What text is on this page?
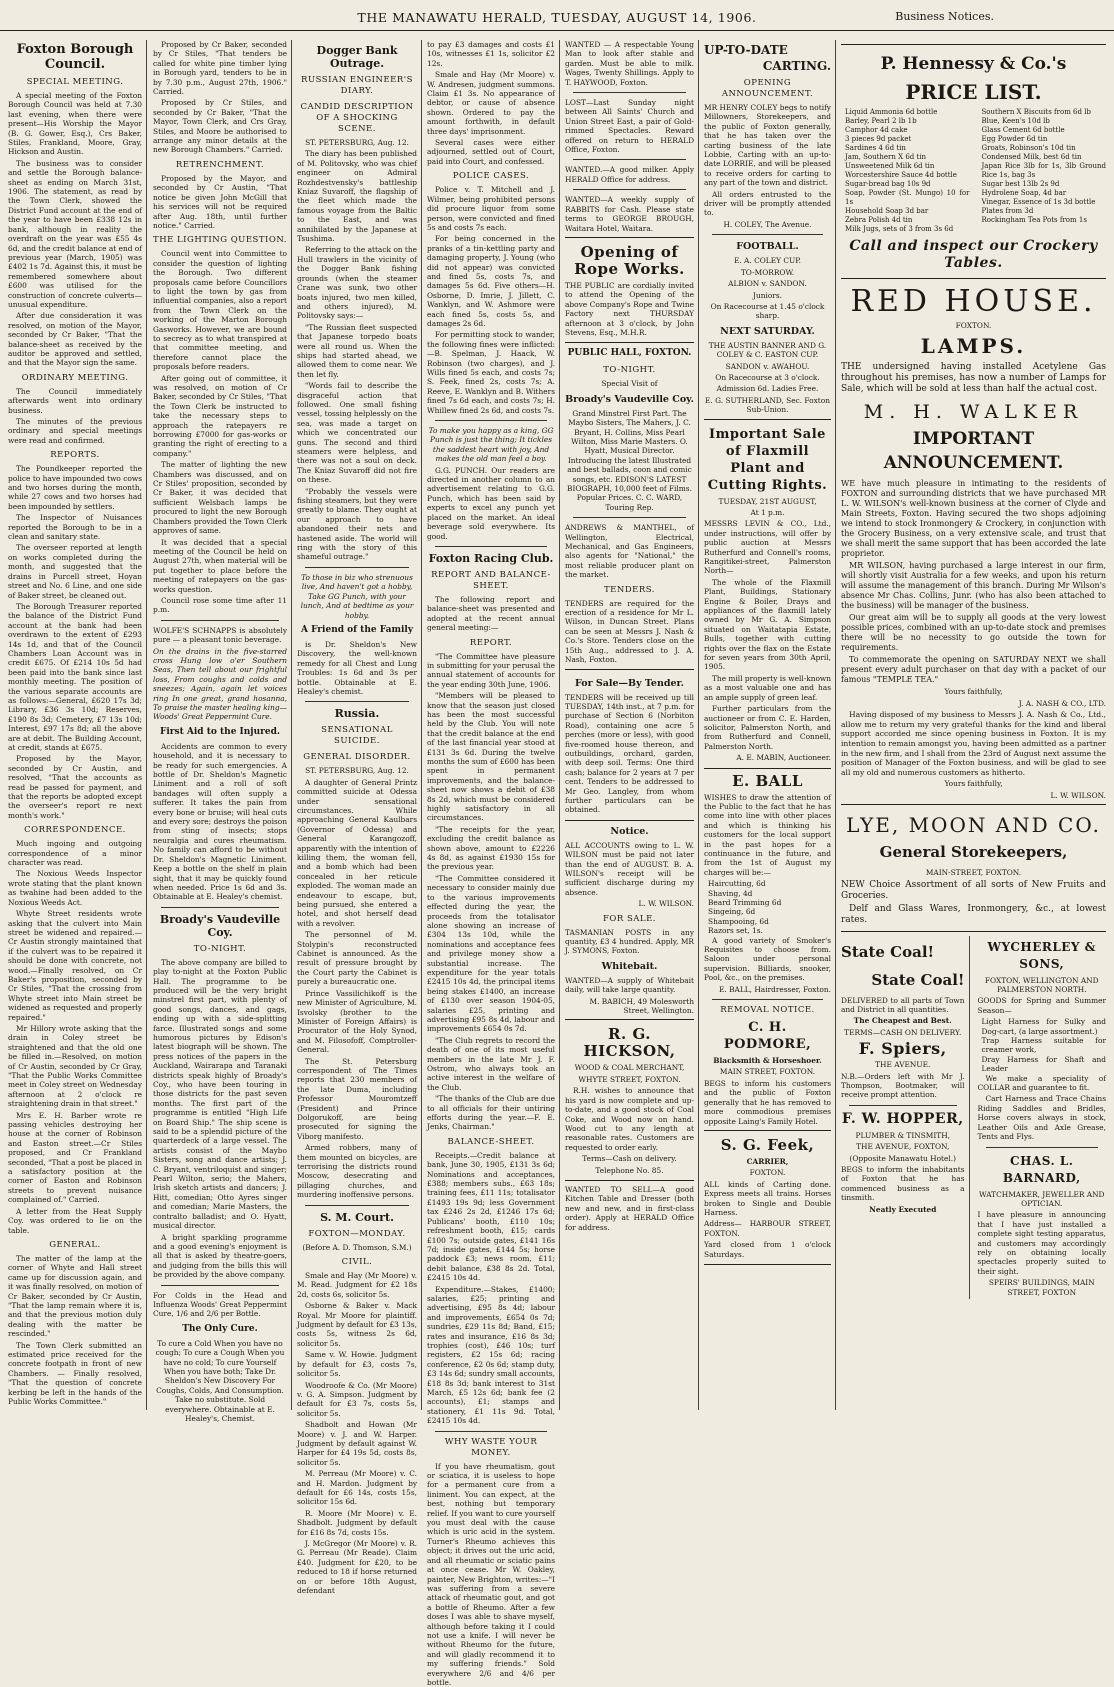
THE MANAWATU HERALD, TUESDAY, AUGUST 14, 1906.	Business Notices.
Foxton Borough Council.
SPECIAL MEETING.

A special meeting of the Foxton Borough Council was held at 7.30 last evening, when there were present—His Worship the Mayor (B. G. Gower, Esq.), Crs Baker, Stiles, Frankland, Moore, Gray, Hickson and Austin.

The business was to consider and settle the Borough balance-sheet as ending on March 31st, 1906. The statement, as read by the Town Clerk, showed the District Fund account at the end of the year to have been £338 12s in bank, although in reality the overdraft on the year was £55 4s 6d, and the credit balance at end of previous year (March, 1905) was £402 1s 7d. Against this, it must be remembered somewhere about £600 was utilised for the construction of concrete culverts—unusual expenditure.

After due consideration it was resolved, on motion of the Mayor, seconded by Cr Baker, "That the balance-sheet as received by the auditor be approved and settled, and that the Mayor sign the same.

ORDINARY MEETING.

The Council immediately afterwards went into ordinary business.

The minutes of the previous ordinary and special meetings were read and confirmed.

REPORTS.

The Poundkeeper reported the police to have impounded two cows and two horses during the month, while 27 cows and two horses had been impounded by settlers.

The Inspector of Nuisances reported the Borough to be in a clean and sanitary state.

The overseer reported at length on works completed during the month, and suggested that the drains in Purcell street, Hoyan street and No. 6 Line, and one side of Baker street, be cleaned out.

The Borough Treasurer reported the balance of the District Fund account at the bank had been overdrawn to the extent of £293 14s 1d, and that of the Council Chambers Loan Account was in credit £675. Of £214 10s 5d had been paid into the bank since last monthly meeting. The position of the various separate accounts are as follows:—General, £620 17s 3d; Library, £36 3s 10d; Reserves, £190 8s 3d; Cemetery, £7 13s 10d; Interest, £97 17s 8d; all the above are at debit. The Building Account, at credit, stands at £675.

Proposed by the Mayor, seconded by Cr Austin, and resolved, "That the accounts as read be passed for payment, and that the reports be adopted except the overseer's report re next month's work."

CORRESPONDENCE.

Much ingoing and outgoing correspondence of a minor character was read.

The Noxious Weeds Inspector wrote stating that the plant known as twahine had been added to the Noxious Weeds Act.

Whyte Street residents wrote asking that the culvert into Main street be widened and repaired.—Cr Austin strongly maintained that if the culvert was to be repaired it should be done with concrete, not wood.—Finally resolved, on Cr Baker's proposition, seconded by Cr Stiles, "That the crossing from Whyte street into Main street be widened as requested and properly repaired."

Mr Hillory wrote asking that the drain in Coley street be straightened and that the old one be filled in.—Resolved, on motion of Cr Austin, seconded by Cr Gray, "That the Public Works Committee meet in Coley street on Wednesday afternoon at 2 o'clock re straightening drain in that street."

Mrs E. H. Barber wrote re passing vehicles destroying her house at the corner of Robinson and Easton street.—Cr Stiles proposed, and Cr Frankland seconded, "That a post be placed in a satisfactory position at the corner of Easton and Robinson streets to prevent nuisance complained of." Carried.

A letter from the Heat Supply Coy. was ordered to lie on the table.

GENERAL.

The matter of the lamp at the corner of Whyte and Hall street came up for discussion again, and it was finally resolved, on motion of Cr Baker, seconded by Cr Austin, "That the lamp remain where it is, and that the previous motion duly dealing with the matter be rescinded."

The Town Clerk submitted an estimated price received for the concrete footpath in front of new Chambers. — Finally resolved, "That the question of concrete kerbing be left in the hands of the Public Works Committee."

Proposed by Cr Baker, seconded by Cr Stiles, "That tenders be called for white pine timber lying in Borough yard, tenders to be in by 7.30 p.m., August 27th, 1906." Carried.

Proposed by Cr Stiles, and seconded by Cr Baker, "That the Mayor, Town Clerk, and Crs Gray, Stiles, and Moore be authorised to arrange any minor details at the new Borough Chambers." Carried.

RETRENCHMENT.

Proposed by the Mayor, and seconded by Cr Austin, "That notice be given John McGill that his services will not be required after Aug. 18th, until further notice." Carried.

THE LIGHTING QUESTION.

Council went into Committee to consider the question of lighting the Borough. Two different proposals came before Councillors to light the town by gas from influential companies, also a report from the Town Clerk on the working of the Marton Borough Gasworks. However, we are bound to secrecy as to what transpired at that committee meeting, and therefore cannot place the proposals before readers.

After going out of committee, it was resolved, on motion of Cr Baker, seconded by Cr Stiles, "That the Town Clerk be instructed to take the necessary steps to approach the ratepayers re borrowing £7000 for gas-works or granting the right of erecting to a company."

The matter of lighting the new Chambers was discussed, and on Cr Stiles' proposition, seconded by Cr Baker, it was decided that sufficient Welsbach lamps be procured to light the new Borough Chambers provided the Town Clerk approves of same.

It was decided that a special meeting of the Council be held on August 27th, when material will be put together to place before the meeting of ratepayers on the gas-works question.

Council rose some time after 11 p.m.

WOLFE'S SCHNAPPS is absolutely pure — a pleasant tonic beverage.

On the drains in the five-starred cross Hung low o'er Southern Seas, Then tell about our frightful loss, From coughs and colds and sneezes; Again, again let voices ring In one great, grand hosanna, To praise the master healing king—Woods' Great Peppermint Cure.

First Aid to the Injured.

Accidents are common to every household, and it is necessary to be ready for such emergencies. A bottle of Dr. Sheldon's Magnetic Liniment and a roll of soft bandages will often supply a sufferer. It takes the pain from every bone or bruise; will heal cuts and every sore; destroys the poison from sting of insects; stops neuralgia and cures rheumatism. No family can afford to be without Dr. Sheldon's Magnetic Liniment. Keep a bottle on the shelf in plain sight, that it may be quickly found when needed. Price 1s 6d and 3s. Obtainable at E. Healey's chemist.

Broady's Vaudeville Coy.
TO-NIGHT.

The above company are billed to play to-night at the Foxton Public Hall. The programme to be produced will be the very bright minstrel first part, with plenty of good songs, dances, and gags, ending up with a side-splitting farce. Illustrated songs and some humorous pictures by Edison's latest biograph will be shown. The press notices of the papers in the Auckland, Wairarapa and Taranaki districts speak highly of Broady's Coy., who have been touring in those districts for the past seven months. The first part of the programme is entitled "High Life on Board Ship." The ship scene is said to be a splendid picture of the quarterdeck of a large vessel. The artists consist of the Maybo Sisters, song and dance artists; J. C. Bryant, ventriloquist and singer; Pearl Wilton, serio; the Mahers, Irish sketch artists and dancers; J. Hitt, comedian; Otto Ayres singer and comedian; Marie Masters, the contralto balladist; and O. Hyatt, musical director.

A bright sparkling programme and a good evening's enjoyment is all that is asked by theatre-goers, and judging from the bills this will be provided by the above company.

For Colds in the Head and Influenza Woods' Great Peppermint Cure, 1/6 and 2/6 per Bottle.

The Only Cure.

To cure a Cold When you have no cough; To cure a Cough When you have no cold; To cure Yourself When you have both; Take Dr. Sheldon's New Discovery For Coughs, Colds, And Consumption. Take no substitute. Sold everywhere. Obtainable at E. Healey's, Chemist.

Dogger Bank Outrage.
RUSSIAN ENGINEER'S DIARY.
CANDID DESCRIPTION OF A SHOCKING SCENE.

ST. PETERSBURG, Aug. 12.

The diary has been published of M. Politovsky, who was chief engineer on Admiral Rozhdestvensky's battleship Kniaz Suvaroff, the flagship of the fleet which made the famous voyage from the Baltic to the East, and was annihilated by the Japanese at Tsushima.

Referring to the attack on the Hull trawlers in the vicinity of the Dogger Bank fishing grounds (when the steamer Crane was sunk, two other boats injured, two men killed, and others injured), M. Politovsky says:—

"The Russian fleet suspected that Japanese torpedo boats were all round us. When the ships had started ahead, we allowed them to come near. We then let fly.

"Words fail to describe the disgraceful action that followed. One small fishing vessel, tossing helplessly on the sea, was made a target on which we concentrated our guns. The second and third steamers were helpless, and there was not a soul on deck. The Kniaz Suvaroff did not fire on these.

"Probably the vessels were fishing steamers, but they were greatly to blame. They ought at our approach to have abandoned their nets and hastened aside. The world will ring with the story of this shameful outrage."

To those in biz who strenuous live, And haven't got a hobby, Take GG Punch, with your lunch, And at bedtime as your hobby.

A Friend of the Family

is Dr. Sheldon's New Discovery, the well-known remedy for all Chest and Lung Troubles: 1s 6d and 3s per bottle. Obtainable at E. Healey's chemist.

Russia.
SENSATIONAL SUICIDE.
GENERAL DISORDER.

ST. PETERSBURG, Aug. 12.

A daughter of General Printz committed suicide at Odessa under sensational circumstances. While approaching General Kaulbars (Governor of Odessa) and General Karangozoff, apparently with the intention of killing them, the woman fell, and a bomb which had been concealed in her reticule exploded. The woman made an endeavour to escape, but, being pursued, she entered a hotel, and shot herself dead with a revolver.

The personnel of M. Stolypin's reconstructed Cabinet is announced. As the result of pressure brought by the Court party the Cabinet is purely a bureaucratic one.

Prince Vassilichikoff is the new Minister of Agriculture, M. Isvolsky (brother to the Minister of Foreign Affairs) is Procurator of the Holy Synod, and M. Filosofoff, Comptroller-General.

The St. Petersburg correspondent of The Times reports that 230 members of the late Duma, including Professor Mouromtzeff (President) and Prince Dolgorukoff, are being prosecuted for signing the Viborg manifesto.

Armed robbers, many of them mounted on bicycles, are terrorising the districts round Moscow, desecrating and pillaging churches, and murdering inoffensive persons.

S. M. Court.
FOXTON—MONDAY.

(Before A. D. Thomson, S.M.)

CIVIL.

Smale and Hay (Mr Moore) v. M. Read. Judgment for £2 18s 2d, costs 6s, solicitor 5s.

Osborne & Baker v. Mack Royal. Mr Moore for plaintiff. Judgment by default for £3 13s, costs 5s, witness 2s 6d, solicitor 5s.

Same v. W. Howie. Judgment by default for £3, costs 7s, solicitor 5s.

Woodroofe & Co. (Mr Moore) v. G. A. Simpson. Judgment by default for £3 7s, costs 5s, solicitor 5s.

Shadbolt and Howan (Mr Moore) v. J. and W. Harper. Judgment by default against W. Harper for £4 19s 5d, costs 8s, solicitor 5s.

M. Perreau (Mr Moore) v. C. and H. Mardon. Judgment by default for £6 14s, costs 15s, solicitor 15s 6d.

R. Moore (Mr Moore) v. E. Shadbolt. Judgment by default for £16 8s 7d, costs 15s.

J. McGregor (Mr Moore) v. R. G. Perreau (Mr Reade). Claim £40. Judgment for £20, to be reduced to 18 if horse returned on or before 18th August, defendant

to pay £3 damages and costs £1 10s, witnesses £1 1s, solicitor £2 12s.

Smale and Hay (Mr Moore) v. W. Andresen, judgment summons. Claim £1 3s. No appearance of debtor, or cause of absence shown. Ordered to pay the amount forthwith, in default three days' imprisonment.

Several cases were either adjourned, settled out of Court, paid into Court, and confessed.

POLICE CASES.

Police v. T. Mitchell and J. Wilmer, being prohibited persons did procure liquor from some person, were convicted and fined 5s and costs 7s each.

For being concerned in the pranks of a tin-kettling party and damaging property, J. Young (who did not appear) was convicted and fined 5s, costs 7s, and damages 5s 6d. Five others—H. Osborne, D. Imrie, J. Jillett, C. Wanklyn, and W. Ashmore were each fined 5s, costs 5s, and damages 2s 6d.

For permitting stock to wander, the following fines were inflicted:—B. Spelman, J. Haack, W. Robinson (two charges), and J. Wills fined 5s each, and costs 7s; S. Feek, fined 2s, costs 7s; A. Reeve, E. Wanklyn and B. Withers fined 7s 6d each, and costs 7s; H. Whillew fined 2s 6d, and costs 7s.

To make you happy as a king, GG Punch is just the thing; It tickles the saddest heart with joy, And makes the old man feel a boy.

G.G. PUNCH. Our readers are directed in another column to an advertisement relating to G.G. Punch, which has been said by experts to excel any punch yet placed on the market. An ideal beverage sold everywhere. Its good.

Foxton Racing Club.
REPORT AND BALANCE-SHEET.

The following report and balance-sheet was presented and adopted at the recent annual general meeting:—

REPORT.

"The Committee have pleasure in submitting for your perusal the annual statement of accounts for the year ending 30th June, 1906.

"Members will be pleased to know that the season just closed has been the most successful held by the Club. You will note that the credit balance at the end of the last financial year stood at £131 3s 6d. During the twelve months the sum of £600 has been spent in permanent improvements, and the balance-sheet now shows a debit of £38 8s 2d, which must be considered highly satisfactory in all circumstances.

"The receipts for the year, excluding the credit balance as shown above, amount to £2226 4s 8d, as against £1930 15s for the previous year.

"The Committee considered it necessary to consider mainly due to the various improvements effected during the year, the proceeds from the totalisator alone showing an increase of £304 13s 10d, while the nominations and acceptance fees and privilege money show a substantial increase. The expenditure for the year totals £2415 10s 4d, the principal items being stakes £1400, an increase of £130 over season 1904-05, salaries £25, printing and advertising £95 8s 4d, labour and improvements £654 0s 7d.

"The Club regrets to record the death of one of its most useful members in the late Mr J. F. Ostrom, who always took an active interest in the welfare of the Club.

"The thanks of the Club are due to all officials for their untiring efforts during the year.—F. E. Jenks, Chairman."

BALANCE-SHEET.

Receipts.—Credit balance at bank, June 30, 1905, £131 3s 6d; Nominations and acceptances, £388; members subs., £63 18s; training fees, £11 11s; totalisator £1493 19s 9d; less Government tax £246 2s 2d, £1246 17s 6d; Publicans' booth, £110 10s; refreshment booth, £15; cards £100 7s; outside gates, £141 16s 7d; inside gates, £144 5s; horse paddock £3; news room, £11; debit balance, £38 8s 2d. Total, £2415 10s 4d.

Expenditure.—Stakes, £1400; salaries, £25; printing and advertising, £95 8s 4d; labour and improvements, £654 0s 7d; sundries, £29 11s 8d; Band, £15; rates and insurance, £16 8s 3d; trophies (cost), £46 10s; turf registers, £2 15s 6d; racing conference, £2 0s 6d; stamp duty, £3 14s 6d; sundry small accounts, £18 8s 3d; bank interest to 31st March, £5 12s 6d; bank fee (2 accounts), £1; stamps and stationery, £1 11s 9d. Total, £2415 10s 4d.

WHY WASTE YOUR MONEY.

If you have rheumatism, gout or sciatica, it is useless to hope for a permanent cure from a liniment. You can expect, at the best, nothing but temporary relief. If you want to cure yourself you must deal with the cause which is uric acid in the system. Turner's Rheumo achieves this object; it drives out the uric acid, and all rheumatic or sciatic pains at once cease. Mr W. Oakley, painter, New Brighton, writes:—"I was suffering from a severe attack of rheumatic gout, and got a bottle of Rheumo. After a few doses I was able to shave myself, although before taking it I could not use a knife. I will never be without Rheumo for the future, and will gladly recommend it to my suffering friends." Sold everywhere 2/6 and 4/6 per bottle.

WANTED — A respectable Young Man to look after stable and garden. Must be able to milk. Wages, Twenty Shillings. Apply to T. HAYWOOD, Foxton.

LOST—Last Sunday night between All Saints' Church and Union Street East, a pair of Gold-rimmed Spectacles. Reward offered on return to HERALD Office, Foxton.

WANTED.—A good milker. Apply HERALD Office for address.

WANTED—A weekly supply of RABBITS for Cash. Please state terms to GEORGE BROUGH, Waitara Hotel, Waitara.

Opening of Rope Works.

THE PUBLIC are cordially invited to attend the Opening of the above Company's Rope and Twine Factory next THURSDAY afternoon at 3 o'clock, by John Stevens, Esq., M.H.R.

PUBLIC HALL, FOXTON.
TO-NIGHT.

Special Visit of

Broady's Vaudeville Coy.

Grand Minstrel First Part. The Maybo Sisters, The Mahers, J. C. Bryant, H. Collins, Miss Pearl Wilton, Miss Marie Masters. O. Hyatt, Musical Director. Introducing the latest Illustrated and best ballads, coon and comic songs, etc. EDISON'S LATEST BIOGRAPH, 10,000 feet of Films. Popular Prices. C. C. WARD, Touring Rep.

ANDREWS & MANTHEL, of Wellington, Electrical, Mechanical, and Gas Engineers, also agents for "National," the most reliable producer plant on the market.

TENDERS.

TENDERS are required for the erection of a residence for Mr L. Wilson, in Duncan Street. Plans can be seen at Messrs J. Nash & Co.'s Store. Tenders close on the 15th Aug., addressed to J. A. Nash, Foxton.

For Sale—By Tender.

TENDERS will be received up till TUESDAY, 14th inst., at 7 p.m. for purchase of Section 6 (Norbiton Road), containing one acre 5 perches (more or less), with good five-roomed house thereon, and outbuildings, orchard, garden, with deep soil. Terms: One third cash; balance for 2 years at 7 per cent. Tenders to be addressed to Mr Geo. Langley, from whom further particulars can be obtained.

Notice.

ALL ACCOUNTS owing to L. W. WILSON must be paid not later than the end of AUGUST. B. A. WILSON's receipt will be sufficient discharge during my absence.

L. W. WILSON.

FOR SALE.

TASMANIAN POSTS in any quantity, £3 4 hundred. Apply, MR J. SYMONS, Foxton.

Whitebait.

WANTED—A supply of Whitebait daily, will take large quantity.

M. BABICH, 49 Molesworth Street, Wellington.

R. G. HICKSON,

WOOD & COAL MERCHANT,

WHYTE STREET, FOXTON.

R.H. wishes to announce that his yard is now complete and up-to-date, and a good stock of Coal Coke, and Wood now on hand. Wood cut to any length at reasonable rates. Customers are requested to order early.

Terms—Cash on delivery.

Telephone No. 85.

WANTED TO SELL—A good Kitchen Table and Dresser (both new and new, and in first-class order). Apply at HERALD Office for address.

UP-TO-DATE
CARTING.
OPENING ANNOUNCEMENT.

MR HENRY COLEY begs to notify Millowners, Storekeepers, and the public of Foxton generally, that he has taken over the carting business of the late Lobbie, Carting with an up-to-date LORRIE, and will be pleased to receive orders for carting to any part of the town and district.

All orders entrusted to the driver will be promptly attended to.

H. COLEY, The Avenue.

FOOTBALL.

E. A. COLEY CUP.

TO-MORROW.

ALBION v. SANDON.

Juniors.

On Racecourse at 1.45 o'clock sharp.

NEXT SATURDAY.

THE AUSTIN BANNER AND G. COLEY & C. EASTON CUP.

SANDON v. AWAHOU.

On Racecourse at 3 o'clock.

Admission 6d. Ladies Free.

E. G. SUTHERLAND, Sec. Foxton Sub-Union.

Important Sale of Flaxmill Plant and Cutting Rights.

TUESDAY, 21ST AUGUST,

At 1 p.m.

MESSRS LEVIN & CO., Ltd., under instructions, will offer by public auction at Messrs Rutherfurd and Connell's rooms, Rangitikei-street, Palmerston North—

The whole of the Flaxmill Plant, Buildings, Stationary Engine & Boiler, Drays and appliances of the flaxmill lately owned by Mr G. A. Simpson situated on Waitatapia Estate, Bulls, together with cutting rights over the flax on the Estate for seven years from 30th April, 1905.

The mill property is well-known as a most valuable one and has an ample supply of green leaf.

Further particulars from the auctioneer or from C. E. Harden, solicitor, Palmerston North, and from Rutherfurd and Connell, Palmerston North.

A. E. MABIN, Auctioneer.

E. BALL

WISHES to draw the attention of the Public to the fact that he has come into line with other places and which is thinking his customers for the local support in the past hopes for a continuance in the future, and from the 1st of August my charges will be:—

Haircutting, 6d
Shaving, 4d
Beard Trimming 6d
Singeing, 6d
Shampooing, 6d
Razors set, 1s.

A good variety of Smoker's Requisites to choose from. Saloon under personal supervision. Billiards, snooker, Pool, &c., on the premises.

E. BALL, Hairdresser, Foxton.

REMOVAL NOTICE.
C. H. PODMORE,

Blacksmith & Horseshoer.

MAIN STREET, FOXTON.

BEGS to inform his customers and the public of Foxton generally that he has removed to more commodious premises opposite Laing's Family Hotel.

S. G. Feek,

CARRIER,

FOXTON.

ALL kinds of Carting done. Express meets all trains. Horses broken to Single and Double Harness.

Address— HARBOUR STREET, FOXTON.

Yard closed from 1 o'clock Saturdays.

P. Hennessy & Co.'s
PRICE LIST.
Liquid Ammonia 6d bottle
Barley, Pearl 2 lb 1b
Camphor 4d cake
3 pieces 9d packet
Sardines 4 6d tin
Jam, Southern X 6d tin
Unsweetened Milk 6d tin
Worcestershire Sauce 4d bottle
Sugar-bread bag 10s 9d
Soap, Powder (St. Mungo) 10 for 1s
Household Soap 3d bar
Zebra Polish 4d tin
Milk Jugs, sets of 3 from 3s 6d
Southern X Biscuits from 6d lb
Blue, Keen's 10d lb
Glass Cement 6d bottle
Egg Powder 6d tin
Groats, Robinson's 10d tin
Condensed Milk, best 6d tin
Japan Rice 3lb for 1s, 3lb Ground Rice 1s, bag 3s
Sugar best 13lb 2s 9d
Hydrolene Soap, 4d bar
Vinegar, Essence of 1s 3d bottle
Plates from 3d
Rockingham Tea Pots from 1s
Call and inspect our Crockery Tables.
RED HOUSE.

FOXTON.

LAMPS.

THE undersigned having installed Acetylene Gas throughout his premises, has now a number of Lamps for Sale, which will be sold at less than half the actual cost.

M. H. WALKER
IMPORTANT ANNOUNCEMENT.

WE have much pleasure in intimating to the residents of FOXTON and surrounding districts that we have purchased MR L. W. WILSON's well-known business at the corner of Clyde and Main Streets, Foxton. Having secured the two shops adjoining we intend to stock Ironmongery & Crockery, in conjunction with the Grocery Business, on a very extensive scale, and trust that we shall merit the same support that has been accorded the late proprietor.

MR WILSON, having purchased a large interest in our firm, will shortly visit Australia for a few weeks, and upon his return will assume the management of this branch. During Mr Wilson's absence Mr Chas. Collins, Junr. (who has also been attached to the business) will be manager of the business.

Our great aim will be to supply all goods at the very lowest possible prices, combined with an up-to-date stock and premises there will be no necessity to go outside the town for requirements.

To commemorate the opening on SATURDAY NEXT we shall present every adult purchaser on that day with a packet of our famous "TEMPLE TEA."

Yours faithfully,

J. A. NASH & CO., LTD.

Having disposed of my business to Messrs J. A. Nash & Co., Ltd., allow me to return my very grateful thanks for the kind and liberal support accorded me since opening business in Foxton. It is my intention to remain amongst you, having been admitted as a partner in the new firm, and I shall from the 23rd of August next assume the position of Manager of the Foxton business, and will be glad to see all my old and numerous customers as hitherto.

Yours faithfully,

L. W. WILSON.

LYE, MOON AND CO.
General Storekeepers,

MAIN-STREET, FOXTON.

NEW Choice Assortment of all sorts of New Fruits and Groceries.

Delf and Glass Wares, Ironmongery, &c., at lowest rates.

State Coal!
State Coal!

DELIVERED to all parts of Town and District in all quantities.

The Cheapest and Best.

TERMS—CASH ON DELIVERY.

F. Spiers,

THE AVENUE.

N.B.—Orders left with Mr J. Thompson, Bootmaker, will receive prompt attention.

F. W. HOPPER,

PLUMBER & TINSMITH,

THE AVENUE, FOXTON,

(Opposite Manawatu Hotel.)

BEGS to inform the inhabitants of Foxton that he has commenced business as a tinsmith.

Neatly Executed

WYCHERLEY & SONS,

FOXTON, WELLINGTON AND PALMERSTON NORTH.

GOODS for Spring and Summer Season—

Light Harness for Sulky and Dog-cart, (a large assortment.)
Trap Harness suitable for creamer work,
Dray Harness for Shaft and Leader

We make a speciality of COLLAR and guarantee to fit.

Cart Harness and Trace Chains Riding Saddles and Bridles, Horse covers always in stock, Leather Oils and Axle Grease, Tents and Flys.

CHAS. L. BARNARD,

WATCHMAKER, JEWELLER AND OPTICIAN.

I have pleasure in announcing that I have just installed a complete sight testing apparatus, and customers may accordingly rely on obtaining locally spectacles properly suited to their sight.

SPEIRS' BUILDINGS, MAIN STREET, FOXTON
